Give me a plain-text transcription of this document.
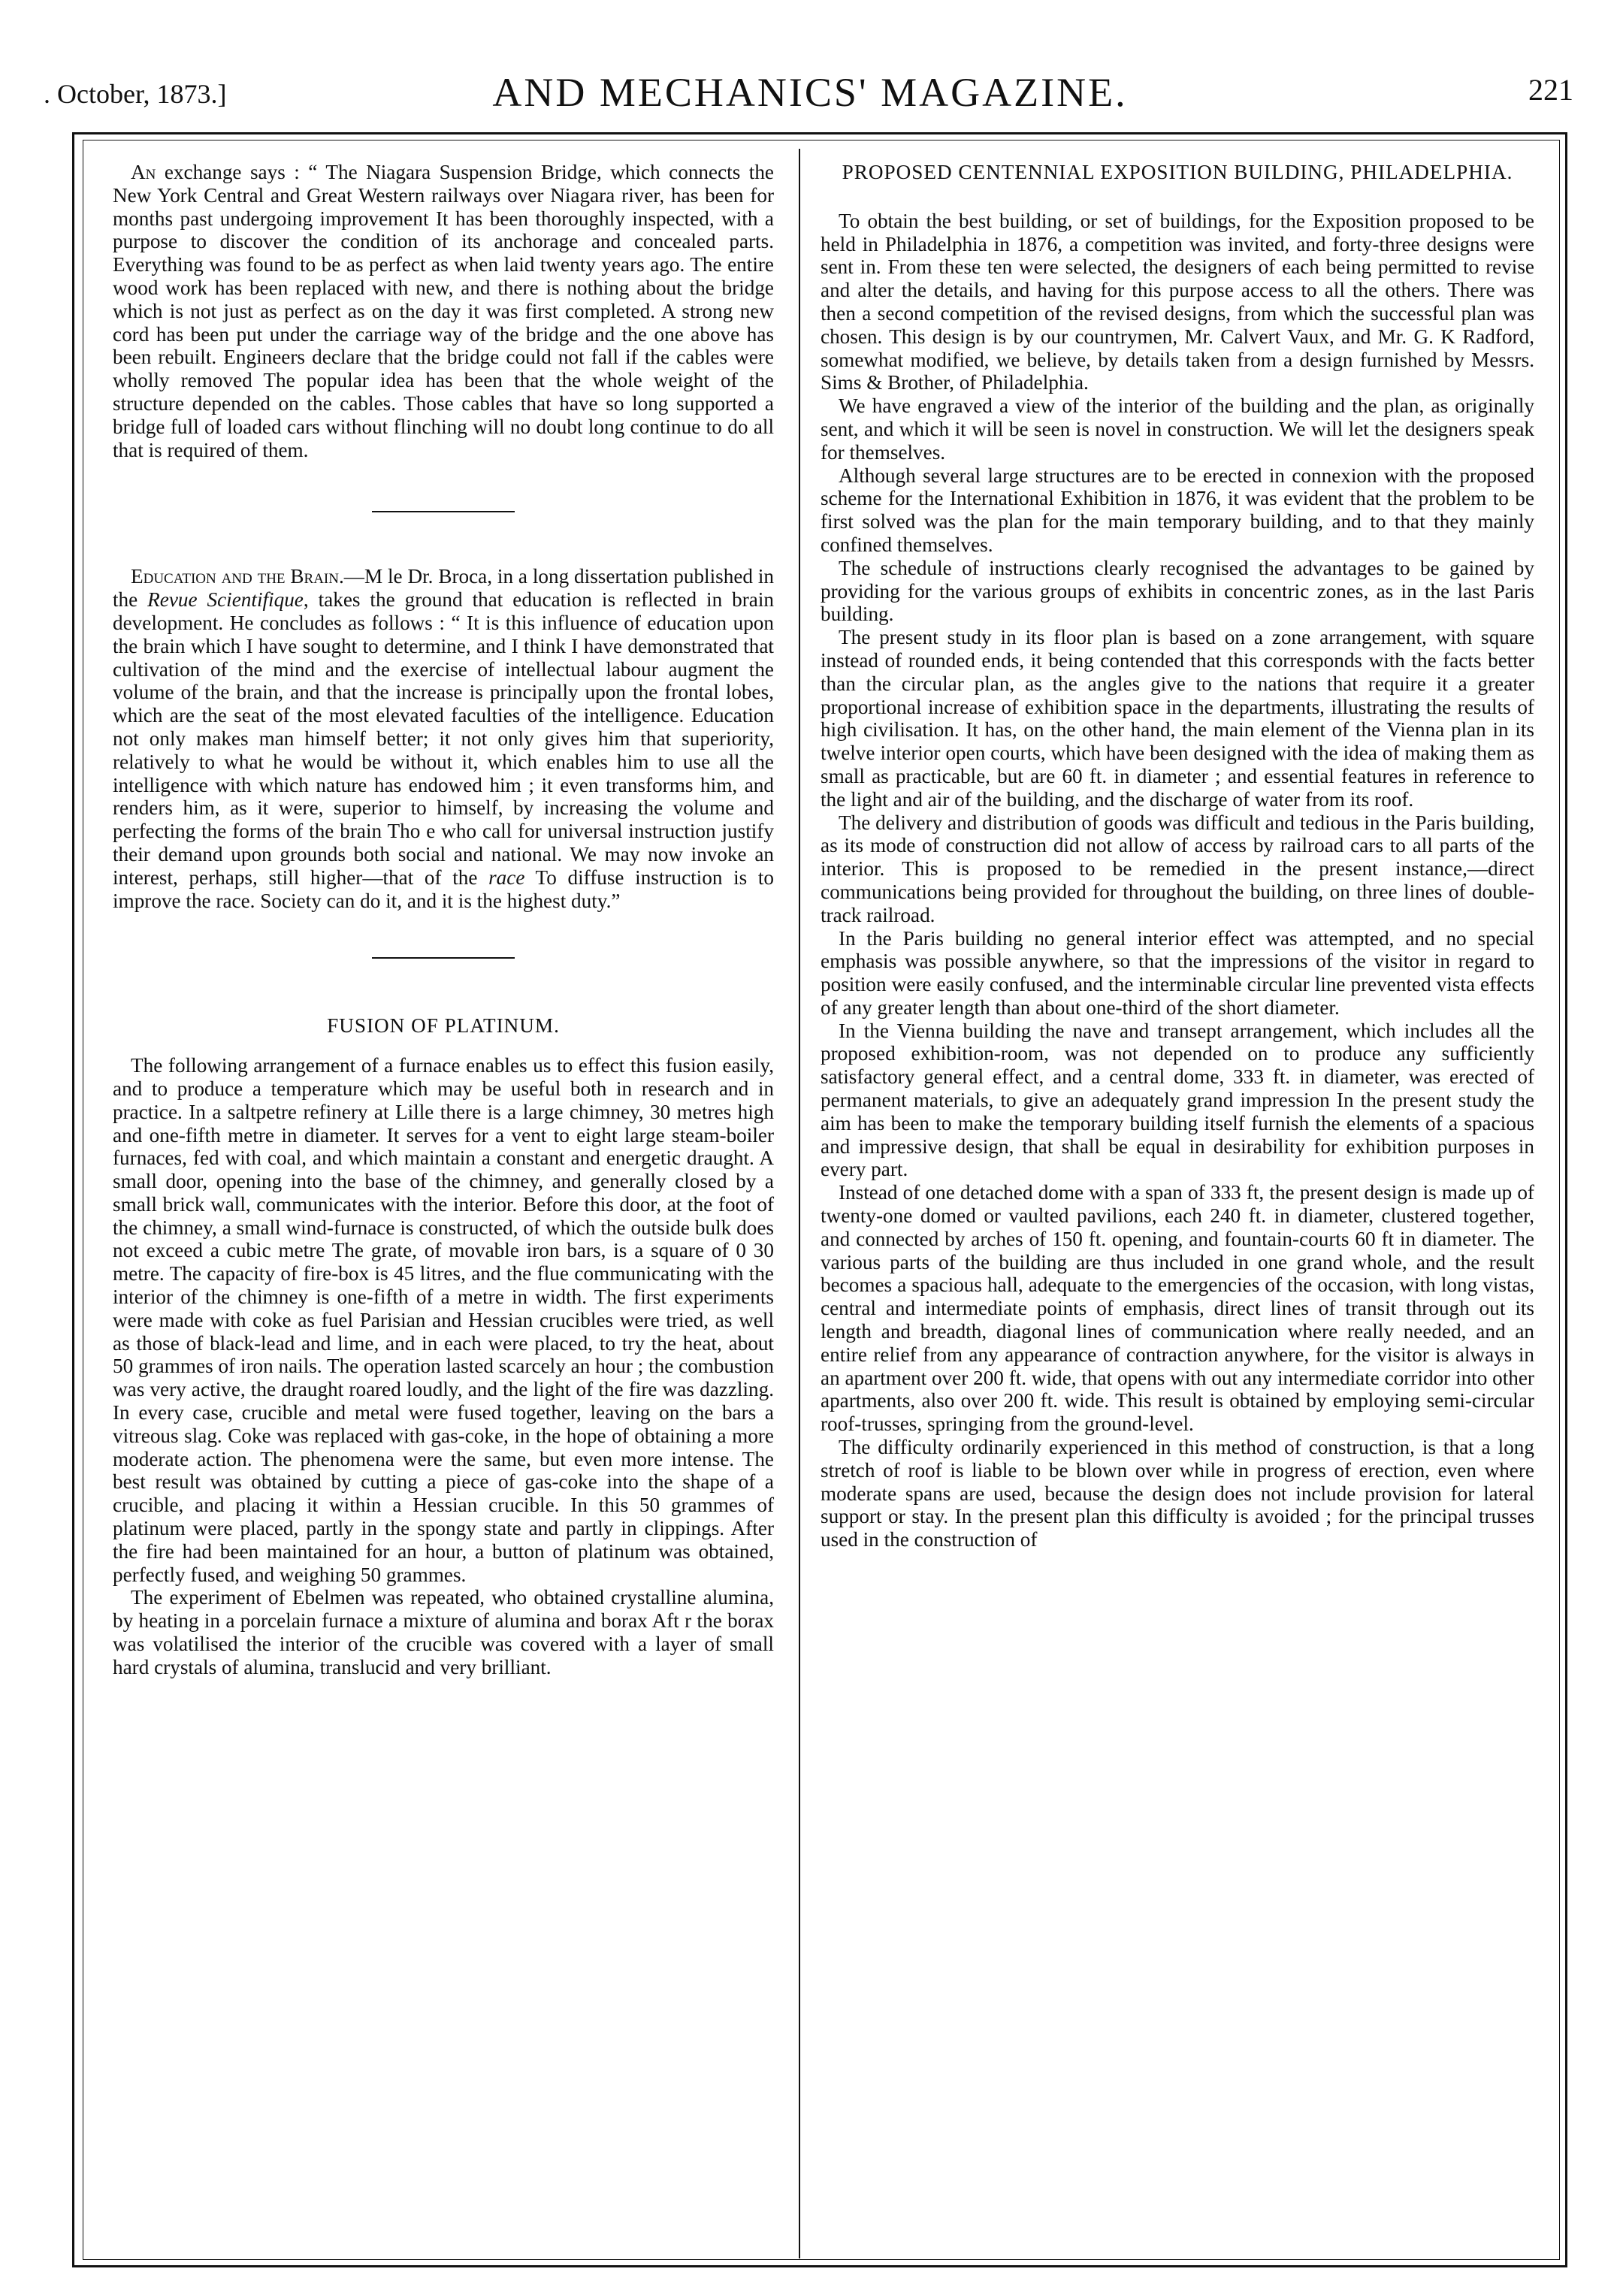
. October, 1873.]	AND MECHANICS' MAGAZINE.	221

An exchange says : “ The Niagara Suspension Bridge, which connects the New York Central and Great Western railways over Niagara river, has been for months past undergoing improvement It has been thoroughly inspected, with a purpose to discover the condition of its anchorage and concealed parts. Everything was found to be as perfect as when laid twenty years ago. The entire wood work has been replaced with new, and there is nothing about the bridge which is not just as perfect as on the day it was first completed. A strong new cord has been put under the carriage way of the bridge and the one above has been rebuilt. Engineers declare that the bridge could not fall if the cables were wholly removed The popular idea has been that the whole weight of the structure depended on the cables. Those cables that have so long supported a bridge full of loaded cars without flinching will no doubt long continue to do all that is required of them.

Education and the Brain.—M le Dr. Broca, in a long dissertation published in the Revue Scientifique, takes the ground that education is reflected in brain development. He concludes as follows : “ It is this influence of education upon the brain which I have sought to determine, and I think I have demonstrated that cultivation of the mind and the exercise of intellectual labour augment the volume of the brain, and that the increase is principally upon the frontal lobes, which are the seat of the most elevated faculties of the intelligence. Education not only makes man himself better; it not only gives him that superiority, relatively to what he would be without it, which enables him to use all the intelligence with which nature has endowed him ; it even transforms him, and renders him, as it were, superior to himself, by increasing the volume and perfecting the forms of the brain Tho e who call for universal instruction justify their demand upon grounds both social and national. We may now invoke an interest, perhaps, still higher—that of the race To diffuse instruction is to improve the race. Society can do it, and it is the highest duty.”

FUSION OF PLATINUM.

The following arrangement of a furnace enables us to effect this fusion easily, and to produce a temperature which may be useful both in research and in practice. In a saltpetre refinery at Lille there is a large chimney, 30 metres high and one-fifth metre in diameter. It serves for a vent to eight large steam-boiler furnaces, fed with coal, and which maintain a constant and energetic draught. A small door, opening into the base of the chimney, and generally closed by a small brick wall, communicates with the interior. Before this door, at the foot of the chimney, a small wind-furnace is constructed, of which the outside bulk does not exceed a cubic metre The grate, of movable iron bars, is a square of 0 30 metre. The capacity of fire-box is 45 litres, and the flue communicating with the interior of the chimney is one-fifth of a metre in width. The first experiments were made with coke as fuel Parisian and Hessian crucibles were tried, as well as those of black-lead and lime, and in each were placed, to try the heat, about 50 grammes of iron nails. The operation lasted scarcely an hour ; the combustion was very active, the draught roared loudly, and the light of the fire was dazzling. In every case, crucible and metal were fused together, leaving on the bars a vitreous slag. Coke was replaced with gas-coke, in the hope of obtaining a more moderate action. The phenomena were the same, but even more intense. The best result was obtained by cutting a piece of gas-coke into the shape of a crucible, and placing it within a Hessian crucible. In this 50 grammes of platinum were placed, partly in the spongy state and partly in clippings. After the fire had been maintained for an hour, a button of platinum was obtained, perfectly fused, and weighing 50 grammes.

The experiment of Ebelmen was repeated, who obtained crystalline alumina, by heating in a porcelain furnace a mixture of alumina and borax Aft r the borax was volatilised the interior of the crucible was covered with a layer of small hard crystals of alumina, translucid and very brilliant.

PROPOSED CENTENNIAL EXPOSITION BUILDING, PHILADELPHIA.

To obtain the best building, or set of buildings, for the Exposition proposed to be held in Philadelphia in 1876, a competition was invited, and forty-three designs were sent in. From these ten were selected, the designers of each being permitted to revise and alter the details, and having for this purpose access to all the others. There was then a second competition of the revised designs, from which the successful plan was chosen. This design is by our countrymen, Mr. Calvert Vaux, and Mr. G. K Radford, somewhat modified, we believe, by details taken from a design furnished by Messrs. Sims & Brother, of Philadelphia.

We have engraved a view of the interior of the building and the plan, as originally sent, and which it will be seen is novel in construction. We will let the designers speak for themselves.

Although several large structures are to be erected in connexion with the proposed scheme for the International Exhibition in 1876, it was evident that the problem to be first solved was the plan for the main temporary building, and to that they mainly confined themselves.

The schedule of instructions clearly recognised the advantages to be gained by providing for the various groups of exhibits in concentric zones, as in the last Paris building.

The present study in its floor plan is based on a zone arrangement, with square instead of rounded ends, it being contended that this corresponds with the facts better than the circular plan, as the angles give to the nations that require it a greater proportional increase of exhibition space in the departments, illustrating the results of high civilisation. It has, on the other hand, the main element of the Vienna plan in its twelve interior open courts, which have been designed with the idea of making them as small as practicable, but are 60 ft. in diameter ; and essential features in reference to the light and air of the building, and the discharge of water from its roof.

The delivery and distribution of goods was difficult and tedious in the Paris building, as its mode of construction did not allow of access by railroad cars to all parts of the interior. This is proposed to be remedied in the present instance,—direct communications being provided for throughout the building, on three lines of double-track railroad.

In the Paris building no general interior effect was attempted, and no special emphasis was possible anywhere, so that the impressions of the visitor in regard to position were easily confused, and the interminable circular line prevented vista effects of any greater length than about one-third of the short diameter.

In the Vienna building the nave and transept arrangement, which includes all the proposed exhibition-room, was not depended on to produce any sufficiently satisfactory general effect, and a central dome, 333 ft. in diameter, was erected of permanent materials, to give an adequately grand impression In the present study the aim has been to make the temporary building itself furnish the elements of a spacious and impressive design, that shall be equal in desirability for exhibition purposes in every part.

Instead of one detached dome with a span of 333 ft, the present design is made up of twenty-one domed or vaulted pavilions, each 240 ft. in diameter, clustered together, and connected by arches of 150 ft. opening, and fountain-courts 60 ft in diameter. The various parts of the building are thus included in one grand whole, and the result becomes a spacious hall, adequate to the emergencies of the occasion, with long vistas, central and intermediate points of emphasis, direct lines of transit through out its length and breadth, diagonal lines of communication where really needed, and an entire relief from any appearance of contraction anywhere, for the visitor is always in an apartment over 200 ft. wide, that opens with out any intermediate corridor into other apartments, also over 200 ft. wide. This result is obtained by employing semi-circular roof-trusses, springing from the ground-level.

The difficulty ordinarily experienced in this method of construction, is that a long stretch of roof is liable to be blown over while in progress of erection, even where moderate spans are used, because the design does not include provision for lateral support or stay. In the present plan this difficulty is avoided ; for the principal trusses used in the construction of
